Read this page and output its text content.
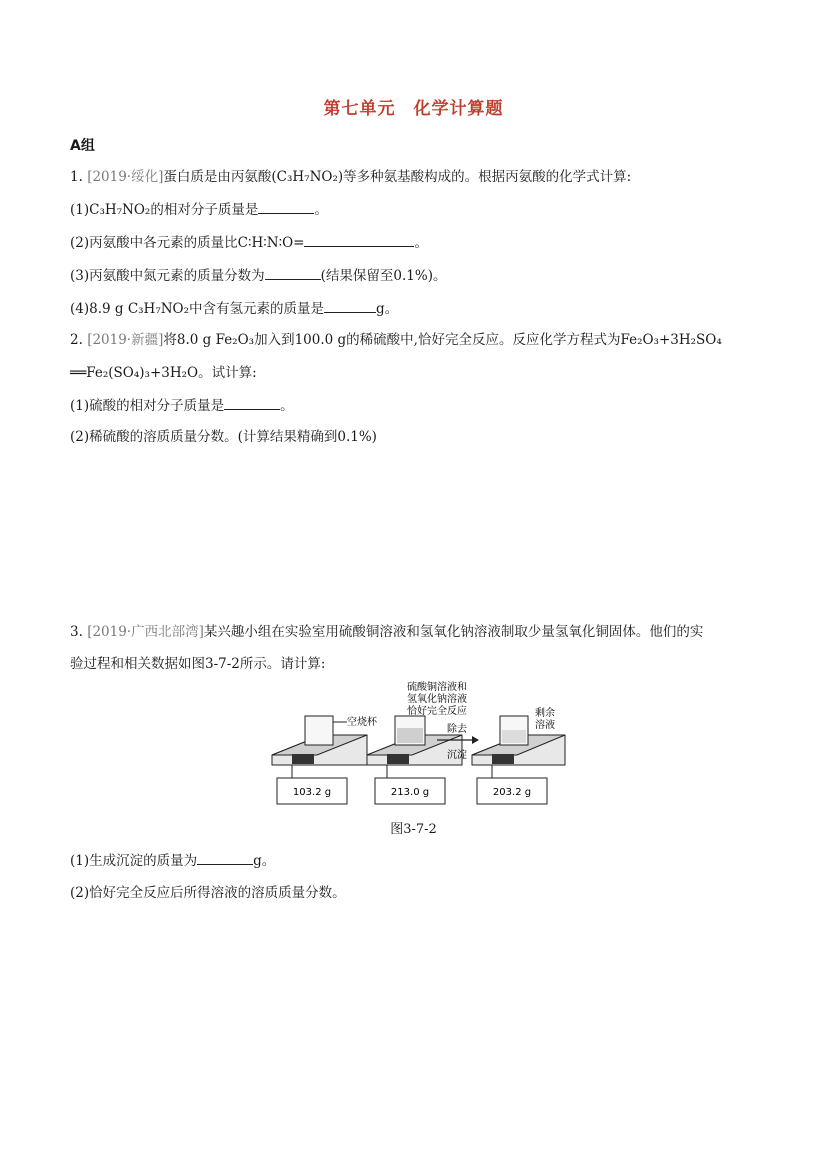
第七单元　化学计算题
A组
1. [2019·绥化]蛋白质是由丙氨酸(C₃H₇NO₂)等多种氨基酸构成的。根据丙氨酸的化学式计算:
(1)C₃H₇NO₂的相对分子质量是	。
(2)丙氨酸中各元素的质量比C∶H∶N∶O=	。
(3)丙氨酸中氮元素的质量分数为	(结果保留至0.1%)。
(4)8.9 g C₃H₇NO₂中含有氢元素的质量是	g。
2. [2019·新疆]将8.0 g Fe₂O₃加入到100.0 g的稀硫酸中,恰好完全反应。反应化学方程式为Fe₂O₃+3H₂SO₄
══Fe₂(SO₄)₃+3H₂O。试计算:
(1)硫酸的相对分子质量是	。
(2)稀硫酸的溶质质量分数。(计算结果精确到0.1%)
3. [2019·广西北部湾]某兴趣小组在实验室用硫酸铜溶液和氢氧化钠溶液制取少量氢氧化铜固体。他们的实
验过程和相关数据如图3-7-2所示。请计算:
空烧杯
103.2 g
硫酸铜溶液和
氢氧化钠溶液
恰好完全反应
213.0 g
除去
沉淀
剩余
溶液
203.2 g
图3-7-2
(1)生成沉淀的质量为	g。
(2)恰好完全反应后所得溶液的溶质质量分数。
